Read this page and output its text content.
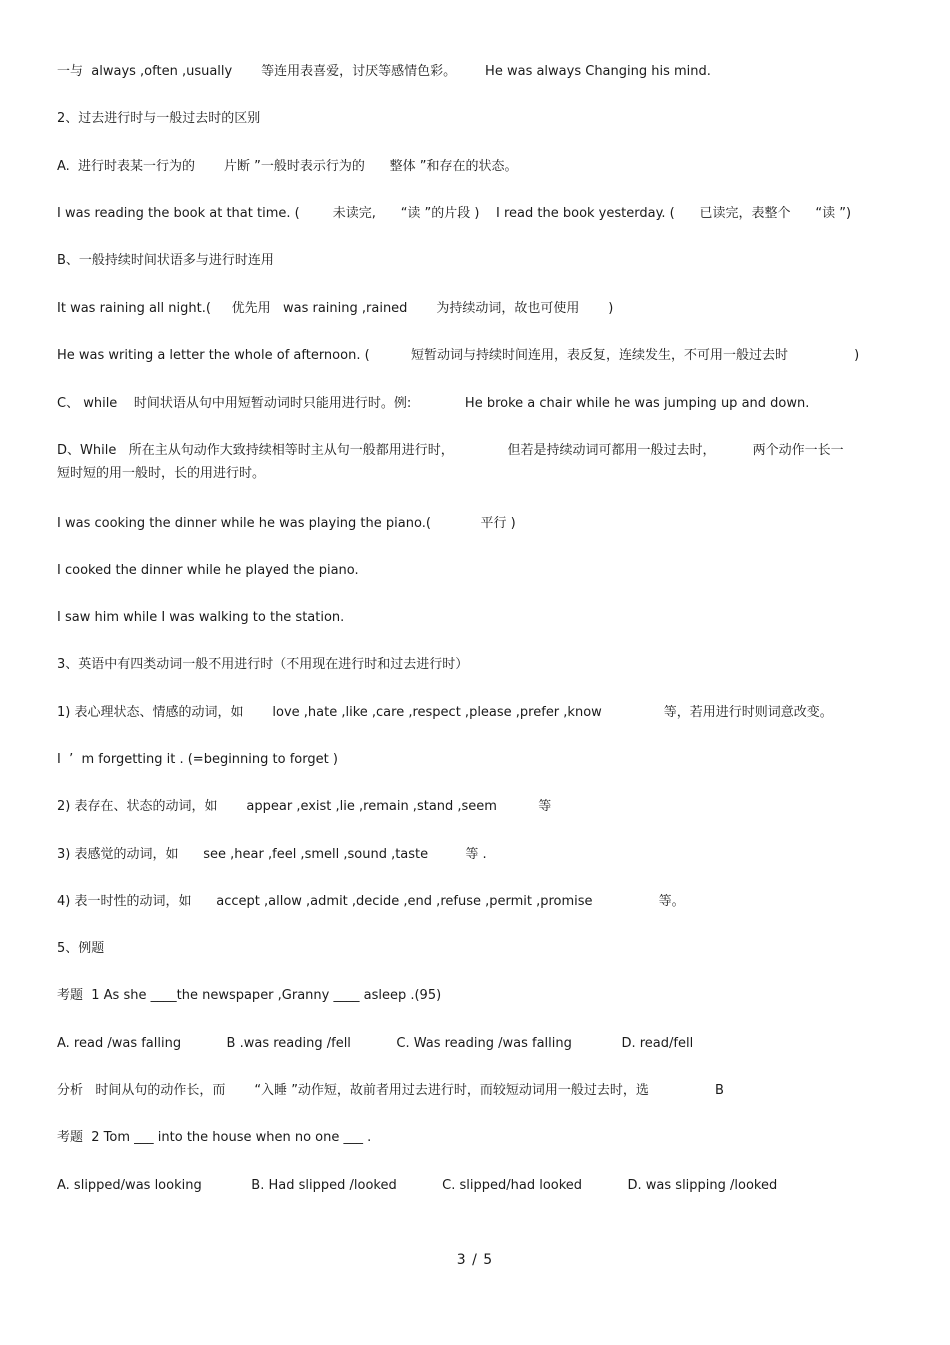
一与  always ,often ,usually       等连用表喜爱，讨厌等感情色彩。       He was always Changing his mind.
2、过去进行时与一般过去时的区别
A.  进行时表某一行为的       片断 ”一般时表示行为的      整体 ”和存在的状态。
I was reading the book at that time. (        未读完,      “读 ”的片段 )    I read the book yesterday. (      已读完，表整个      “读 ”)
B、一般持续时间状语多与进行时连用
It was raining all night.(     优先用   was raining ,rained       为持续动词，故也可使用       )
He was writing a letter the whole of afternoon. (          短暂动词与持续时间连用，表反复，连续发生，不可用一般过去时                )
C、 while    时间状语从句中用短暂动词时只能用进行时。例:             He broke a chair while he was jumping up and down.
D、While   所在主从句动作大致持续相等时主从句一般都用进行时，             但若是持续动词可都用一般过去时，         两个动作一长一
短时短的用一般时，长的用进行时。
I was cooking the dinner while he was playing the piano.(            平行 )
I cooked the dinner while he played the piano.
I saw him while I was walking to the station.
3、英语中有四类动词一般不用进行时（不用现在进行时和过去进行时）
1) 表心理状态、情感的动词，如       love ,hate ,like ,care ,respect ,please ,prefer ,know               等，若用进行时则词意改变。
I  ’  m forgetting it . (=beginning to forget )
2) 表存在、状态的动词，如       appear ,exist ,lie ,remain ,stand ,seem          等
3) 表感觉的动词，如      see ,hear ,feel ,smell ,sound ,taste         等 .
4) 表一时性的动词，如      accept ,allow ,admit ,decide ,end ,refuse ,permit ,promise                等。
5、例题
考题  1 As she ____the newspaper ,Granny ____ asleep .(95)
A. read /was falling           B .was reading /fell           C. Was reading /was falling            D. read/fell
分析   时间从句的动作长，而       “入睡 ”动作短，故前者用过去进行时，而较短动词用一般过去时，选                B
考题  2 Tom ___ into the house when no one ___ .
A. slipped/was looking            B. Had slipped /looked           C. slipped/had looked           D. was slipping /looked
3 / 5
